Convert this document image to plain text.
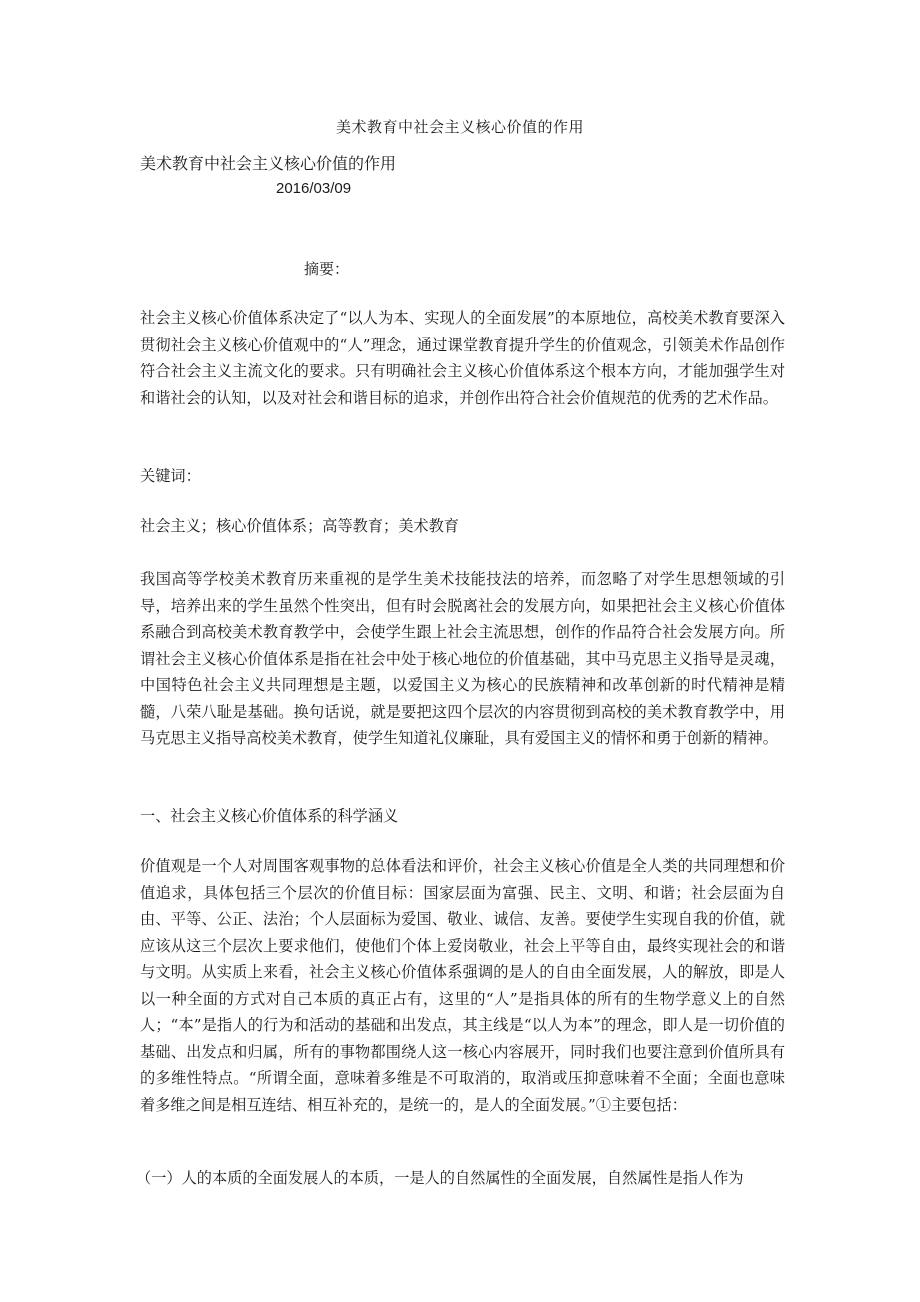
美术教育中社会主义核心价值的作用
美术教育中社会主义核心价值的作用
2016/03/09
摘要：

社会主义核心价值体系决定了“以人为本、实现人的全面发展”的本原地位，高校美术教育要深入贯彻社会主义核心价值观中的“人”理念，通过课堂教育提升学生的价值观念，引领美术作品创作符合社会主义主流文化的要求。只有明确社会主义核心价值体系这个根本方向，才能加强学生对和谐社会的认知，以及对社会和谐目标的追求，并创作出符合社会价值规范的优秀的艺术作品。

关键词：

社会主义；核心价值体系；高等教育；美术教育

我国高等学校美术教育历来重视的是学生美术技能技法的培养，而忽略了对学生思想领域的引导，培养出来的学生虽然个性突出，但有时会脱离社会的发展方向，如果把社会主义核心价值体系融合到高校美术教育教学中，会使学生跟上社会主流思想，创作的作品符合社会发展方向。所谓社会主义核心价值体系是指在社会中处于核心地位的价值基础，其中马克思主义指导是灵魂，中国特色社会主义共同理想是主题，以爱国主义为核心的民族精神和改革创新的时代精神是精髓，八荣八耻是基础。换句话说，就是要把这四个层次的内容贯彻到高校的美术教育教学中，用马克思主义指导高校美术教育，使学生知道礼仪廉耻，具有爱国主义的情怀和勇于创新的精神。

一、社会主义核心价值体系的科学涵义

价值观是一个人对周围客观事物的总体看法和评价，社会主义核心价值是全人类的共同理想和价值追求，具体包括三个层次的价值目标：国家层面为富强、民主、文明、和谐；社会层面为自由、平等、公正、法治；个人层面标为爱国、敬业、诚信、友善。要使学生实现自我的价值，就应该从这三个层次上要求他们，使他们个体上爱岗敬业，社会上平等自由，最终实现社会的和谐与文明。从实质上来看，社会主义核心价值体系强调的是人的自由全面发展，人的解放，即是人以一种全面的方式对自己本质的真正占有，这里的“人”是指具体的所有的生物学意义上的自然人；“本”是指人的行为和活动的基础和出发点，其主线是“以人为本”的理念，即人是一切价值的基础、出发点和归属，所有的事物都围绕人这一核心内容展开，同时我们也要注意到价值所具有的多维性特点。“所谓全面，意味着多维是不可取消的，取消或压抑意味着不全面；全面也意味着多维之间是相互连结、相互补充的，是统一的，是人的全面发展。”①主要包括：

（一）人的本质的全面发展人的本质，一是人的自然属性的全面发展，自然属性是指人作为
